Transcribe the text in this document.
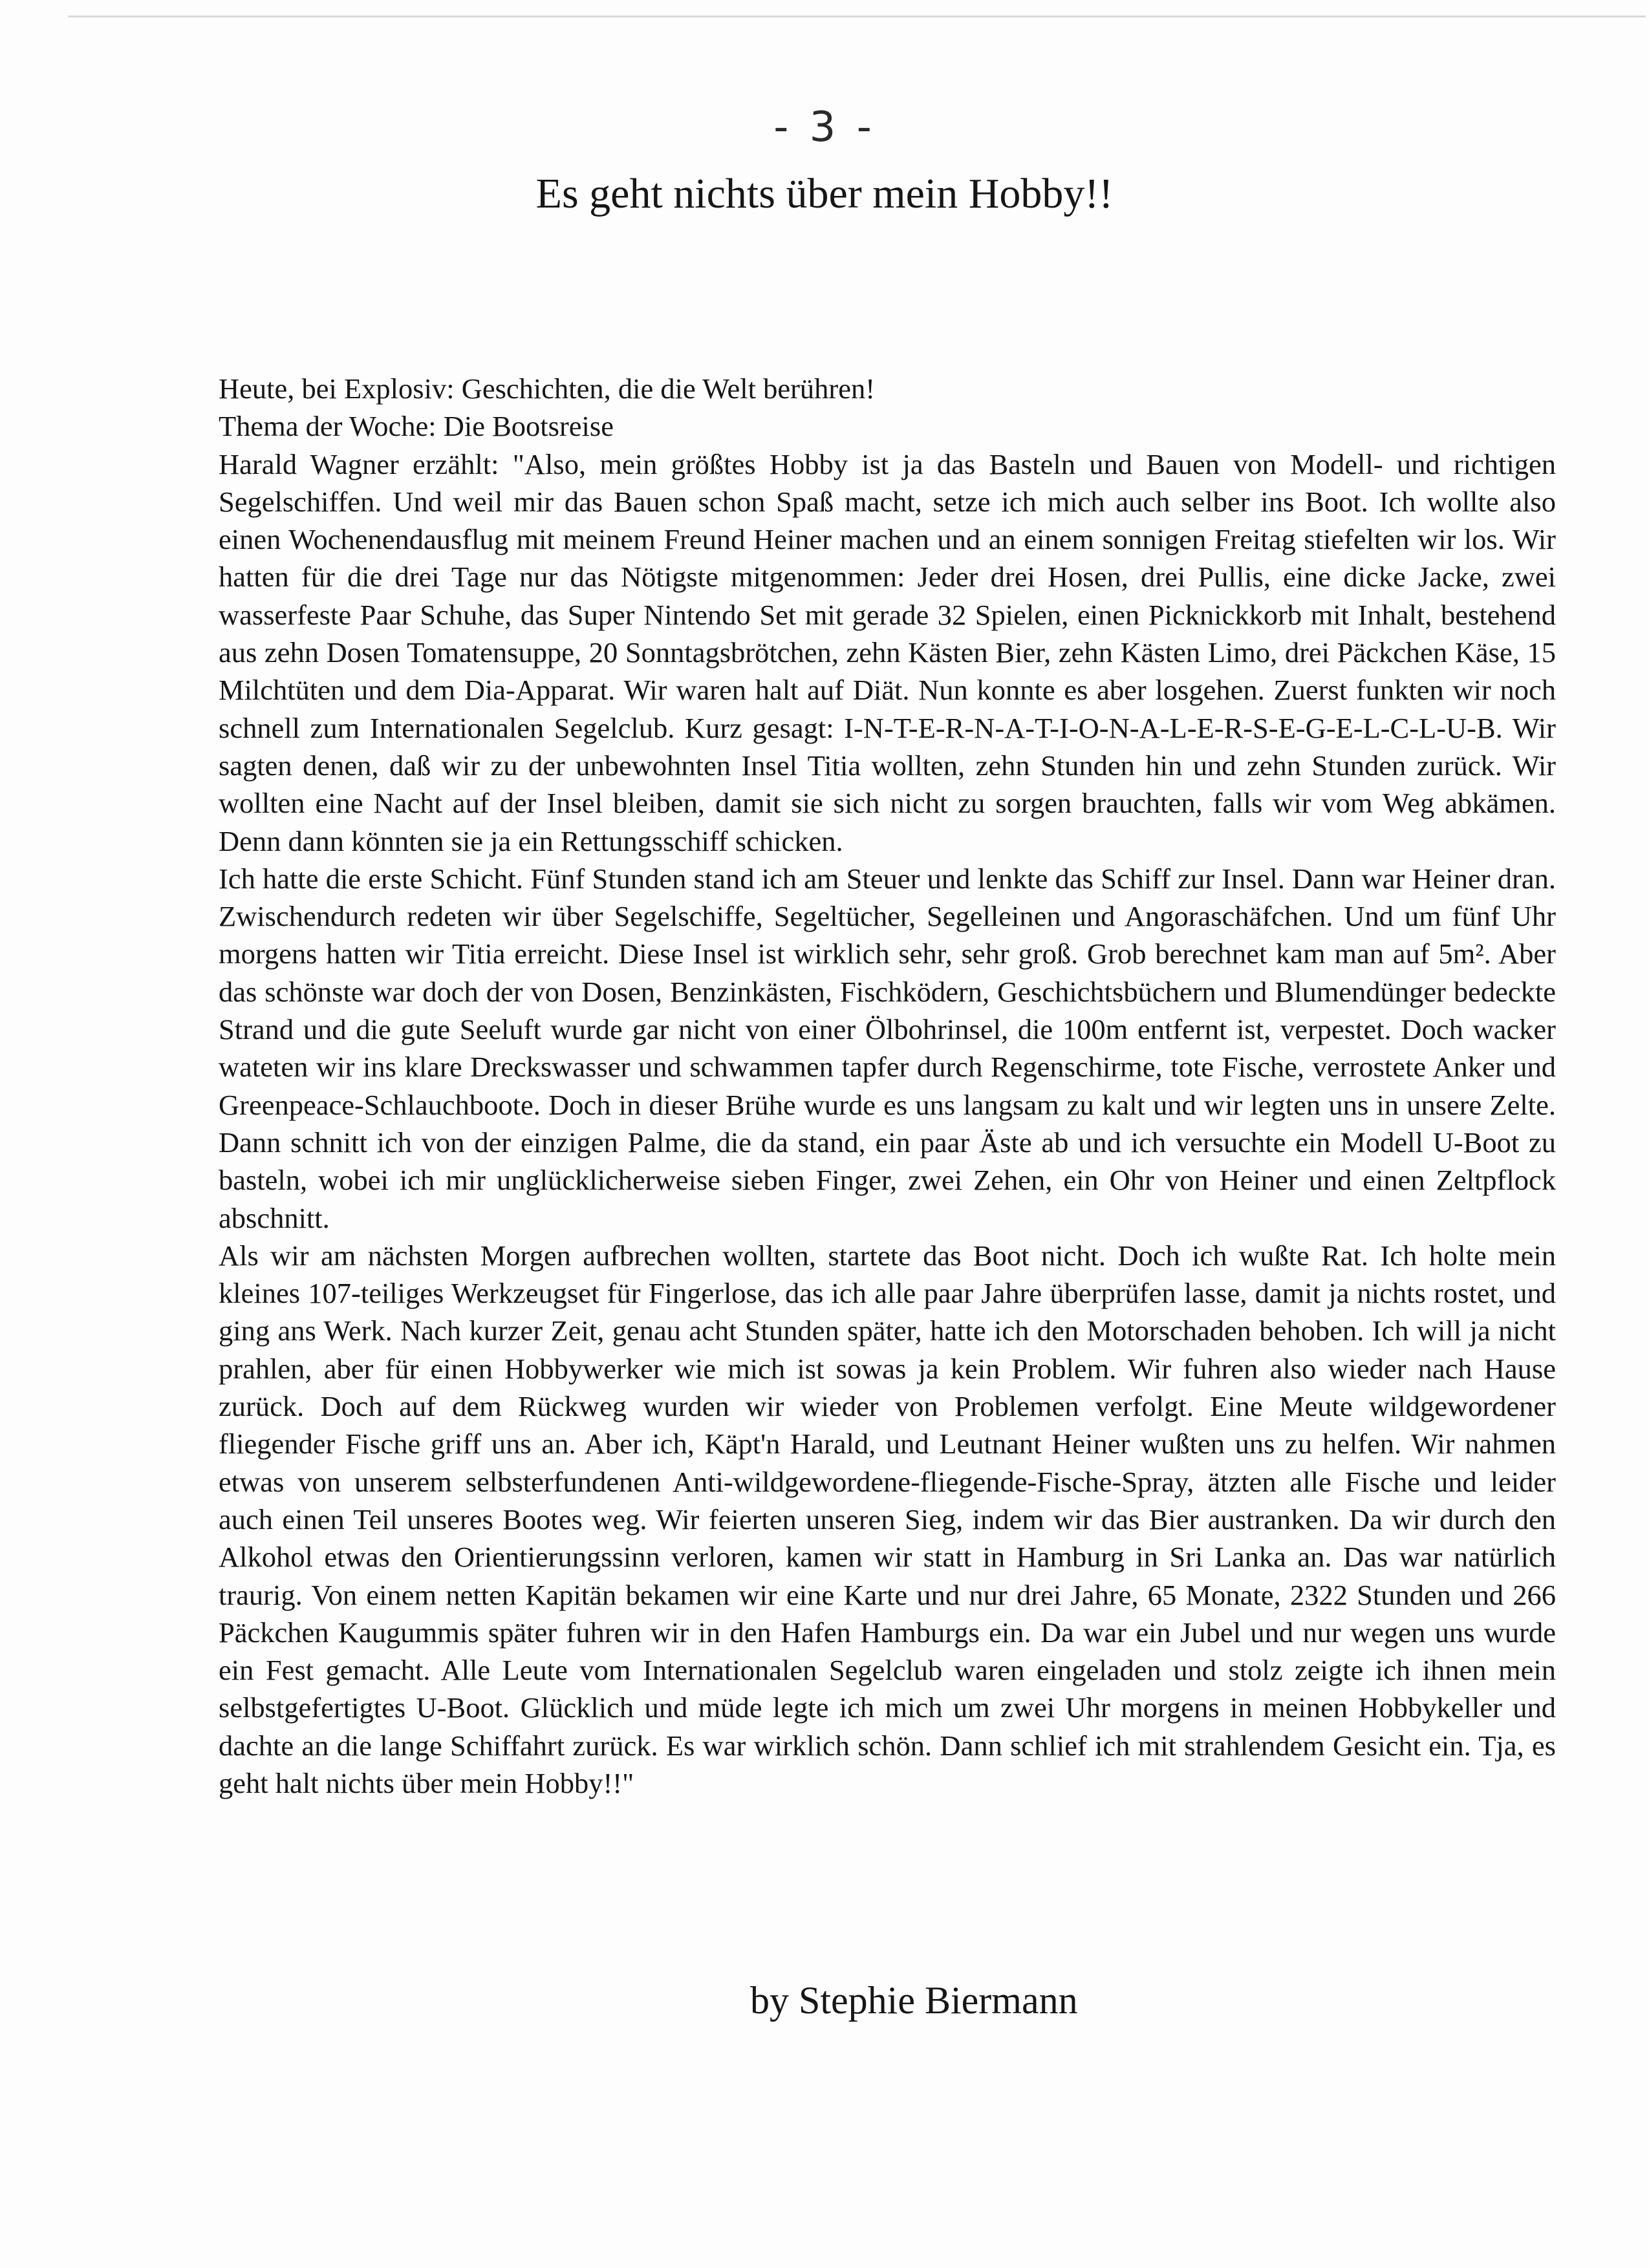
- 3 -
Es geht nichts über mein Hobby!!

Heute, bei Explosiv: Geschichten, die die Welt berühren!

Thema der Woche: Die Bootsreise

Harald Wagner erzählt: "Also, mein größtes Hobby ist ja das Basteln und Bauen von Modell- und richtigen Segelschiffen. Und weil mir das Bauen schon Spaß macht, setze ich mich auch selber ins Boot. Ich wollte also einen Wochenendausflug mit meinem Freund Heiner machen und an einem sonnigen Freitag stiefelten wir los. Wir hatten für die drei Tage nur das Nötigste mitgenommen: Jeder drei Hosen, drei Pullis, eine dicke Jacke, zwei wasserfeste Paar Schuhe, das Super Nintendo Set mit gerade 32 Spielen, einen Picknickkorb mit Inhalt, bestehend aus zehn Dosen Tomatensuppe, 20 Sonntagsbrötchen, zehn Kästen Bier, zehn Kästen Limo, drei Päckchen Käse, 15 Milchtüten und dem Dia-Apparat. Wir waren halt auf Diät. Nun konnte es aber losgehen. Zuerst funkten wir noch schnell zum Internationalen Segelclub. Kurz gesagt: I-N-T-E-R-N-A-T-I-O-N-A-L-E-R-S-E-G-E-L-C-L-U-B. Wir sagten denen, daß wir zu der unbewohnten Insel Titia wollten, zehn Stunden hin und zehn Stunden zurück. Wir wollten eine Nacht auf der Insel bleiben, damit sie sich nicht zu sorgen brauchten, falls wir vom Weg abkämen. Denn dann könnten sie ja ein Rettungsschiff schicken.

Ich hatte die erste Schicht. Fünf Stunden stand ich am Steuer und lenkte das Schiff zur Insel. Dann war Heiner dran. Zwischendurch redeten wir über Segelschiffe, Segeltücher, Segelleinen und Angoraschäfchen. Und um fünf Uhr morgens hatten wir Titia erreicht. Diese Insel ist wirklich sehr, sehr groß. Grob berechnet kam man auf 5m². Aber das schönste war doch der von Dosen, Benzinkästen, Fischködern, Geschichtsbüchern und Blumendünger bedeckte Strand und die gute Seeluft wurde gar nicht von einer Ölbohrinsel, die 100m entfernt ist, verpestet. Doch wacker wateten wir ins klare Dreckswasser und schwammen tapfer durch Regenschirme, tote Fische, verrostete Anker und Greenpeace-Schlauchboote. Doch in dieser Brühe wurde es uns langsam zu kalt und wir legten uns in unsere Zelte. Dann schnitt ich von der einzigen Palme, die da stand, ein paar Äste ab und ich versuchte ein Modell U-Boot zu basteln, wobei ich mir unglücklicherweise sieben Finger, zwei Zehen, ein Ohr von Heiner und einen Zeltpflock abschnitt.

Als wir am nächsten Morgen aufbrechen wollten, startete das Boot nicht. Doch ich wußte Rat. Ich holte mein kleines 107-teiliges Werkzeugset für Fingerlose, das ich alle paar Jahre überprüfen lasse, damit ja nichts rostet, und ging ans Werk. Nach kurzer Zeit, genau acht Stunden später, hatte ich den Motorschaden behoben. Ich will ja nicht prahlen, aber für einen Hobbywerker wie mich ist sowas ja kein Problem. Wir fuhren also wieder nach Hause zurück. Doch auf dem Rückweg wurden wir wieder von Problemen verfolgt. Eine Meute wildgewordener fliegender Fische griff uns an. Aber ich, Käpt'n Harald, und Leutnant Heiner wußten uns zu helfen. Wir nahmen etwas von unserem selbsterfundenen Anti-wildgewordene-fliegende-Fische-Spray, ätzten alle Fische und leider auch einen Teil unseres Bootes weg. Wir feierten unseren Sieg, indem wir das Bier austranken. Da wir durch den Alkohol etwas den Orientierungssinn verloren, kamen wir statt in Hamburg in Sri Lanka an. Das war natürlich traurig. Von einem netten Kapitän bekamen wir eine Karte und nur drei Jahre, 65 Monate, 2322 Stunden und 266 Päckchen Kaugummis später fuhren wir in den Hafen Hamburgs ein. Da war ein Jubel und nur wegen uns wurde ein Fest gemacht. Alle Leute vom Internationalen Segelclub waren eingeladen und stolz zeigte ich ihnen mein selbstgefertigtes U-Boot. Glücklich und müde legte ich mich um zwei Uhr morgens in meinen Hobbykeller und dachte an die lange Schiffahrt zurück. Es war wirklich schön. Dann schlief ich mit strahlendem Gesicht ein. Tja, es geht halt nichts über mein Hobby!!"

by Stephie Biermann
